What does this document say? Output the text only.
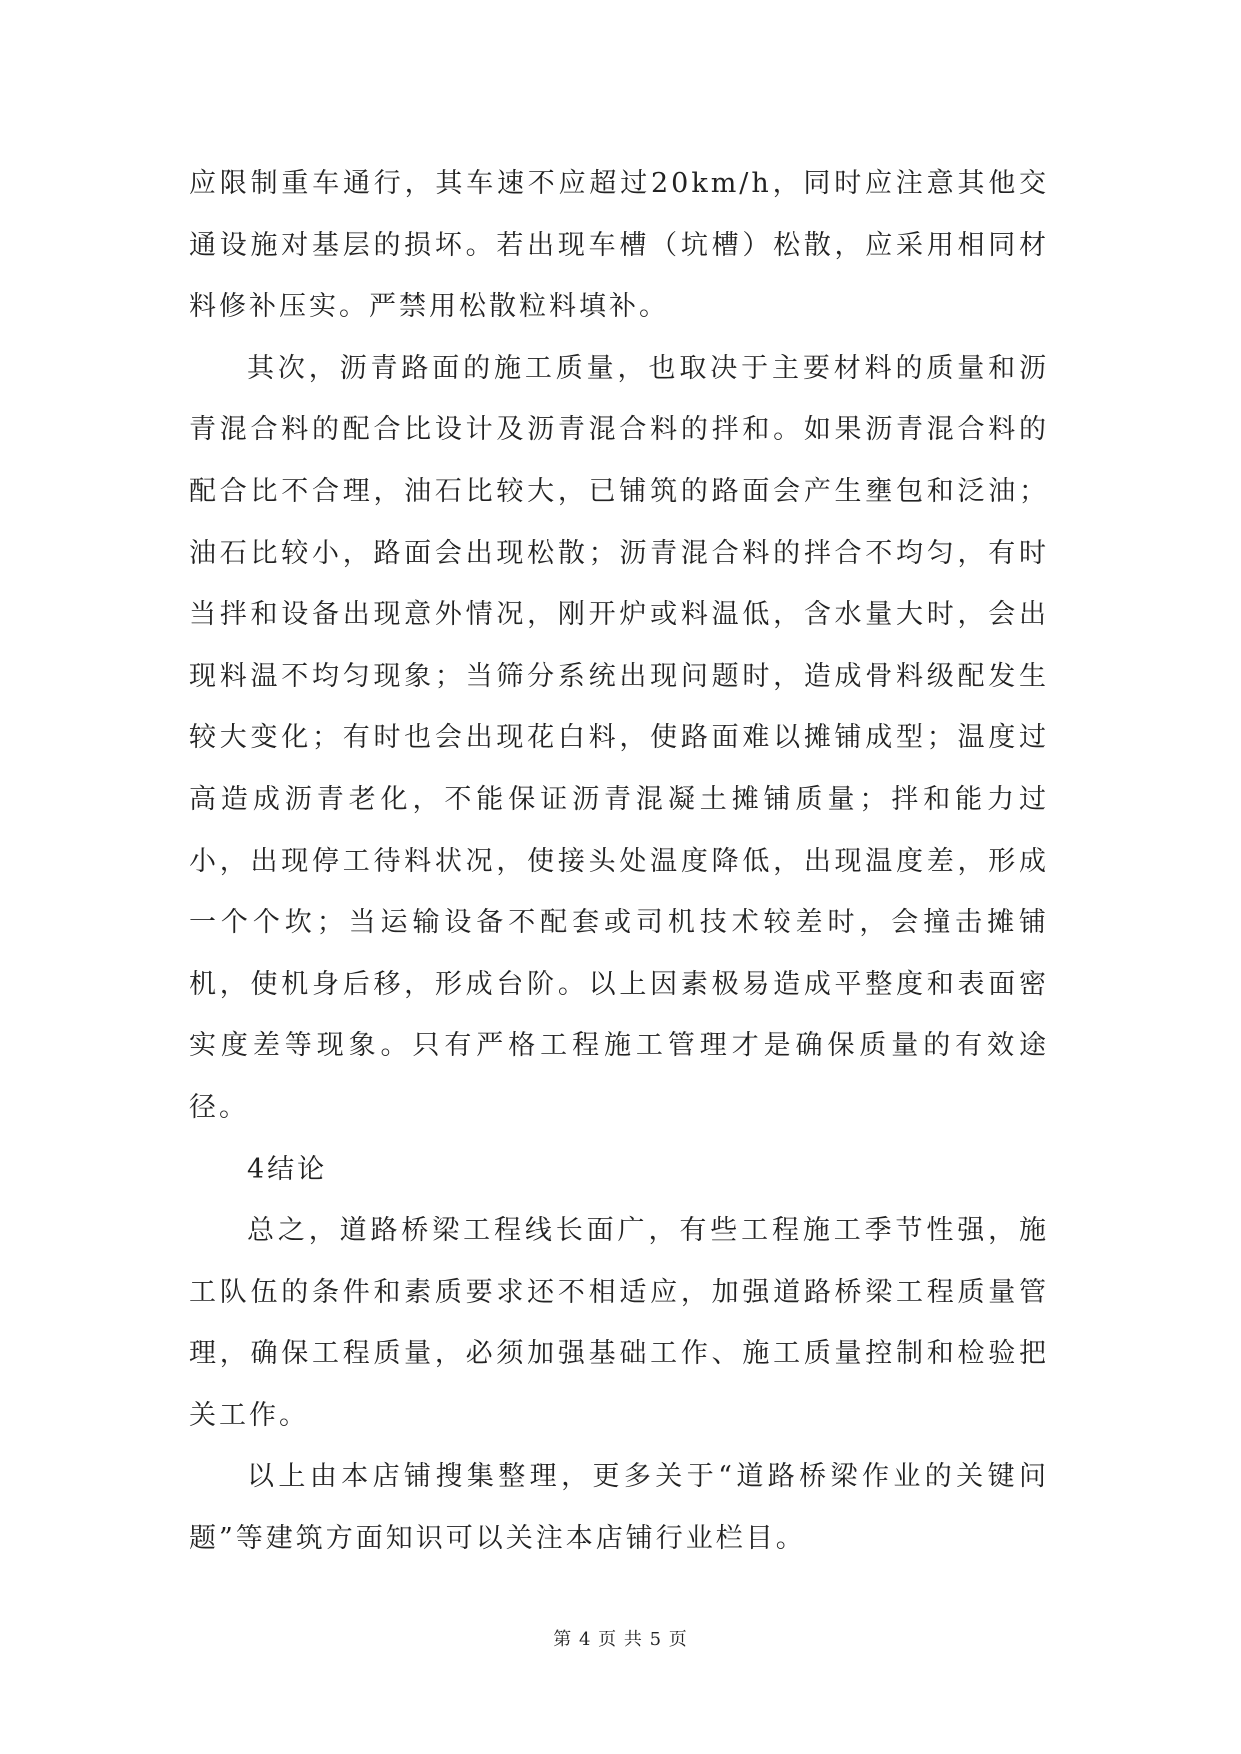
应限制重车通行，其车速不应超过20km/h，同时应注意其他交通设施对基层的损坏。若出现车槽（坑槽）松散，应采用相同材料修补压实。严禁用松散粒料填补。

其次，沥青路面的施工质量，也取决于主要材料的质量和沥青混合料的配合比设计及沥青混合料的拌和。如果沥青混合料的配合比不合理，油石比较大，已铺筑的路面会产生壅包和泛油；油石比较小，路面会出现松散；沥青混合料的拌合不均匀，有时当拌和设备出现意外情况，刚开炉或料温低，含水量大时，会出现料温不均匀现象；当筛分系统出现问题时，造成骨料级配发生较大变化；有时也会出现花白料，使路面难以摊铺成型；温度过高造成沥青老化，不能保证沥青混凝土摊铺质量；拌和能力过小，出现停工待料状况，使接头处温度降低，出现温度差，形成一个个坎；当运输设备不配套或司机技术较差时，会撞击摊铺机，使机身后移，形成台阶。以上因素极易造成平整度和表面密实度差等现象。只有严格工程施工管理才是确保质量的有效途径。

4结论

总之，道路桥梁工程线长面广，有些工程施工季节性强，施工队伍的条件和素质要求还不相适应，加强道路桥梁工程质量管理，确保工程质量，必须加强基础工作、施工质量控制和检验把关工作。

以上由本店铺搜集整理，更多关于“道路桥梁作业的关键问题”等建筑方面知识可以关注本店铺行业栏目。

第 4 页 共 5 页
